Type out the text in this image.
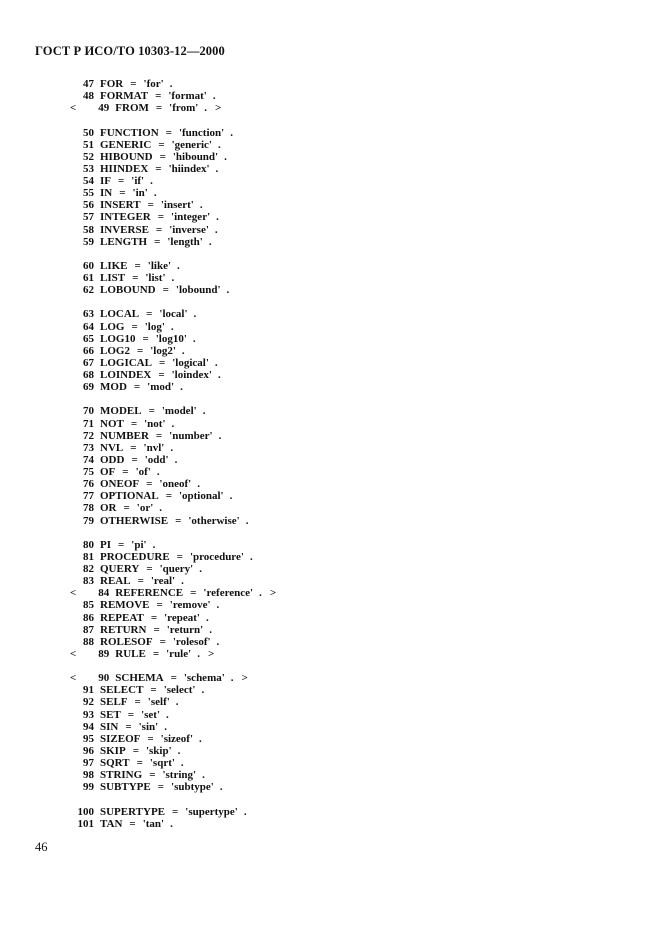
ГОСТ Р ИСО/ТО 10303-12—2000
47 FOR = 'for' .
48 FORMAT = 'format' .
< 49 FROM = 'from' . >
50 FUNCTION = 'function' .
51 GENERIC = 'generic' .
52 HIBOUND = 'hibound' .
53 HIINDEX = 'hiindex' .
54 IF = 'if' .
55 IN = 'in' .
56 INSERT = 'insert' .
57 INTEGER = 'integer' .
58 INVERSE = 'inverse' .
59 LENGTH = 'length' .
60 LIKE = 'like' .
61 LIST = 'list' .
62 LOBOUND = 'lobound' .
63 LOCAL = 'local' .
64 LOG = 'log' .
65 LOG10 = 'log10' .
66 LOG2 = 'log2' .
67 LOGICAL = 'logical' .
68 LOINDEX = 'loindex' .
69 MOD = 'mod' .
70 MODEL = 'model' .
71 NOT = 'not' .
72 NUMBER = 'number' .
73 NVL = 'nvl' .
74 ODD = 'odd' .
75 OF = 'of' .
76 ONEOF = 'oneof' .
77 OPTIONAL = 'optional' .
78 OR = 'or' .
79 OTHERWISE = 'otherwise' .
80 PI = 'pi' .
81 PROCEDURE = 'procedure' .
82 QUERY = 'query' .
83 REAL = 'real' .
< 84 REFERENCE = 'reference' . >
85 REMOVE = 'remove' .
86 REPEAT = 'repeat' .
87 RETURN = 'return' .
88 ROLESOF = 'rolesof' .
< 89 RULE = 'rule' . >
< 90 SCHEMA = 'schema' . >
91 SELECT = 'select' .
92 SELF = 'self' .
93 SET = 'set' .
94 SIN = 'sin' .
95 SIZEOF = 'sizeof' .
96 SKIP = 'skip' .
97 SQRT = 'sqrt' .
98 STRING = 'string' .
99 SUBTYPE = 'subtype' .
100 SUPERTYPE = 'supertype' .
101 TAN = 'tan' .
46
